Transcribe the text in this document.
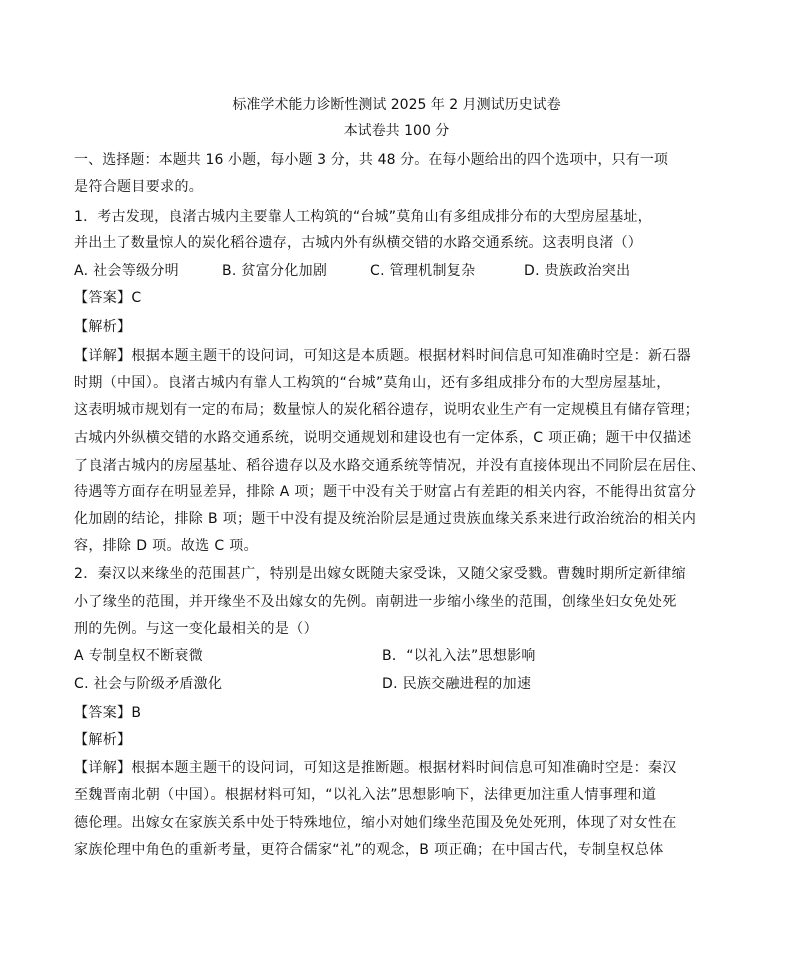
标准学术能力诊断性测试 2025 年 2 月测试历史试卷
本试卷共 100 分
一、选择题：本题共 16 小题，每小题 3 分，共 48 分。在每小题给出的四个选项中，只有一项
是符合题目要求的。
1．考古发现，良渚古城内主要靠人工构筑的“台城”莫角山有多组成排分布的大型房屋基址，
并出土了数量惊人的炭化稻谷遗存，古城内外有纵横交错的水路交通系统。这表明良渚（）
A. 社会等级分明	B. 贫富分化加剧	C. 管理机制复杂	D. 贵族政治突出
【答案】C
【解析】
【详解】根据本题主题干的设问词，可知这是本质题。根据材料时间信息可知准确时空是：新石器
时期（中国）。良渚古城内有靠人工构筑的“台城”莫角山，还有多组成排分布的大型房屋基址，
这表明城市规划有一定的布局；数量惊人的炭化稻谷遗存，说明农业生产有一定规模且有储存管理；
古城内外纵横交错的水路交通系统，说明交通规划和建设也有一定体系，C 项正确；题干中仅描述
了良渚古城内的房屋基址、稻谷遗存以及水路交通系统等情况，并没有直接体现出不同阶层在居住、
待遇等方面存在明显差异，排除 A 项；题干中没有关于财富占有差距的相关内容，不能得出贫富分
化加剧的结论，排除 B 项；题干中没有提及统治阶层是通过贵族血缘关系来进行政治统治的相关内
容，排除 D 项。故选 C 项。
2．秦汉以来缘坐的范围甚广，特别是出嫁女既随夫家受诛，又随父家受戮。曹魏时期所定新律缩
小了缘坐的范围，并开缘坐不及出嫁女的先例。南朝进一步缩小缘坐的范围，创缘坐妇女免处死
刑的先例。与这一变化最相关的是（）
A 专制皇权不断衰微	B．“以礼入法”思想影响
C. 社会与阶级矛盾激化	D. 民族交融进程的加速
【答案】B
【解析】
【详解】根据本题主题干的设问词，可知这是推断题。根据材料时间信息可知准确时空是：秦汉
至魏晋南北朝（中国）。根据材料可知，“以礼入法”思想影响下，法律更加注重人情事理和道
德伦理。出嫁女在家族关系中处于特殊地位，缩小对她们缘坐范围及免处死刑，体现了对女性在
家族伦理中角色的重新考量，更符合儒家“礼”的观念，B 项正确；在中国古代，专制皇权总体
